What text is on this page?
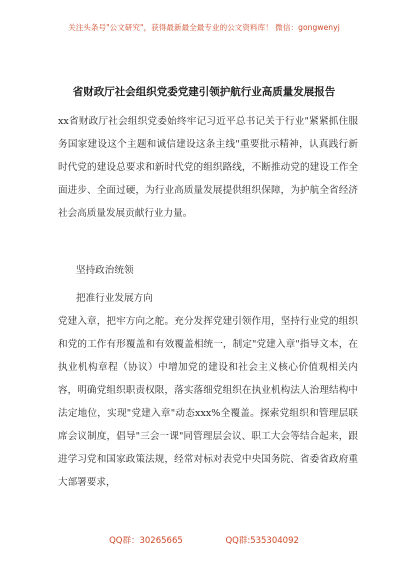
关注头条号"公文研究"，获得最新最全最专业的公文资料库！ 微信：gongwenyj
省财政厅社会组织党委党建引领护航行业高质量发展报告

xx省财政厅社会组织党委始终牢记习近平总书记关于行业"紧紧抓住服务国家建设这个主题和诚信建设这条主线"重要批示精神，认真践行新时代党的建设总要求和新时代党的组织路线，不断推动党的建设工作全面进步、全面过硬，为行业高质量发展提供组织保障，为护航全省经济社会高质量发展贡献行业力量。

坚持政治统领

把准行业发展方向

党建入章，把牢方向之舵。充分发挥党建引领作用，坚持行业党的组织和党的工作有形覆盖和有效覆盖相统一，制定"党建入章"指导文本，在执业机构章程（协议）中增加党的建设和社会主义核心价值观相关内容，明确党组织职责权限，落实落细党组织在执业机构法人治理结构中法定地位，实现"党建入章"动态xxx%全覆盖。探索党组织和管理层联席会议制度，倡导"三会一课"同管理层会议、职工大会等结合起来，跟进学习党和国家政策法规，经常对标对表党中央国务院、省委省政府重大部署要求，

QQ群：30265665	QQ群:535304092
